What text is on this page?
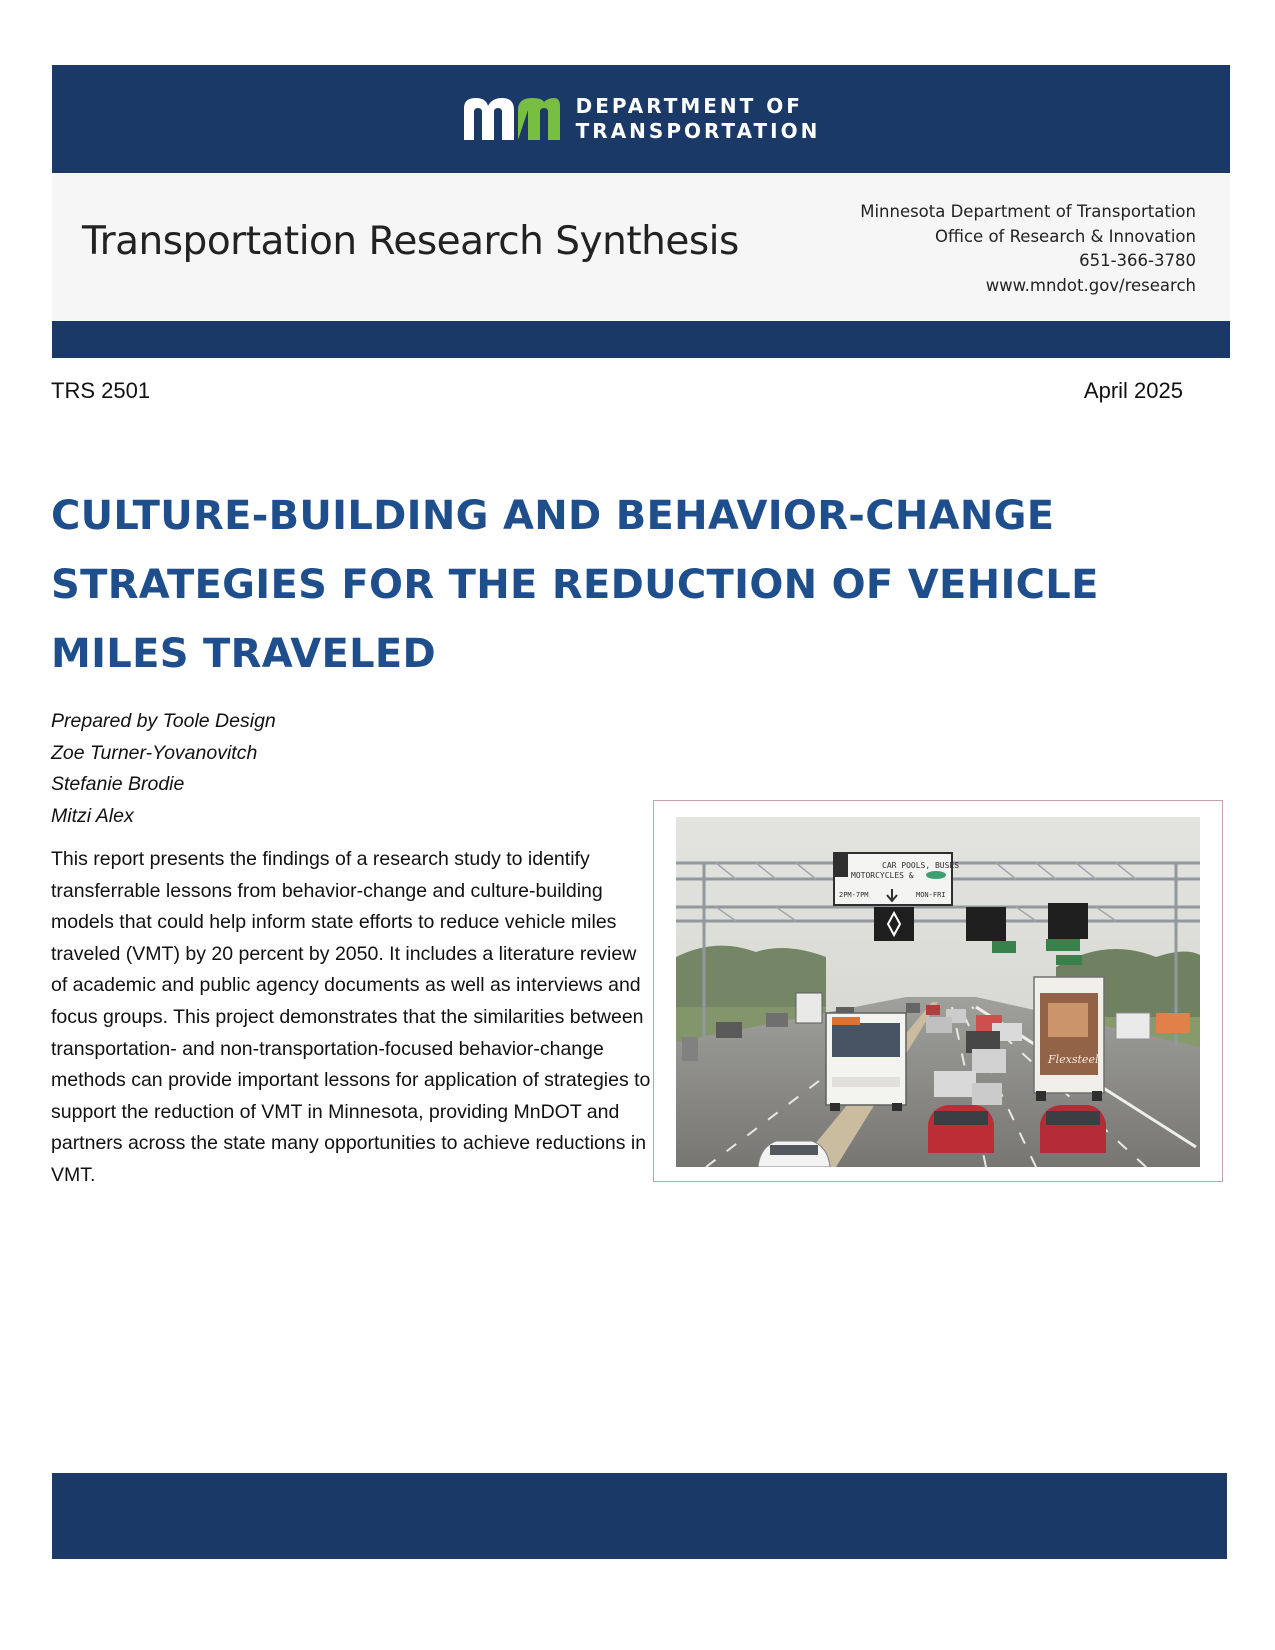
DEPARTMENT OF
TRANSPORTATION
Transportation Research Synthesis
Minnesota Department of Transportation
Office of Research & Innovation
651-366-3780
www.mndot.gov/research
TRS 2501	April 2025
CULTURE-BUILDING AND BEHAVIOR-CHANGE STRATEGIES FOR THE REDUCTION OF VEHICLE MILES TRAVELED
Prepared by Toole Design
Zoe Turner-Yovanovitch
Stefanie Brodie
Mitzi Alex

This report presents the findings of a research study to identify transferrable lessons from behavior-change and culture-building models that could help inform state efforts to reduce vehicle miles traveled (VMT) by 20 percent by 2050. It includes a literature review of academic and public agency documents as well as interviews and focus groups. This project demonstrates that the similarities between transportation- and non-transportation-focused behavior-change methods can provide important lessons for application of strategies to support the reduction of VMT in Minnesota, providing MnDOT and partners across the state many opportunities to achieve reductions in VMT.

CAR POOLS, BUSES
MOTORCYCLES &
2PM-7PM	MON-FRI
Flexsteel
